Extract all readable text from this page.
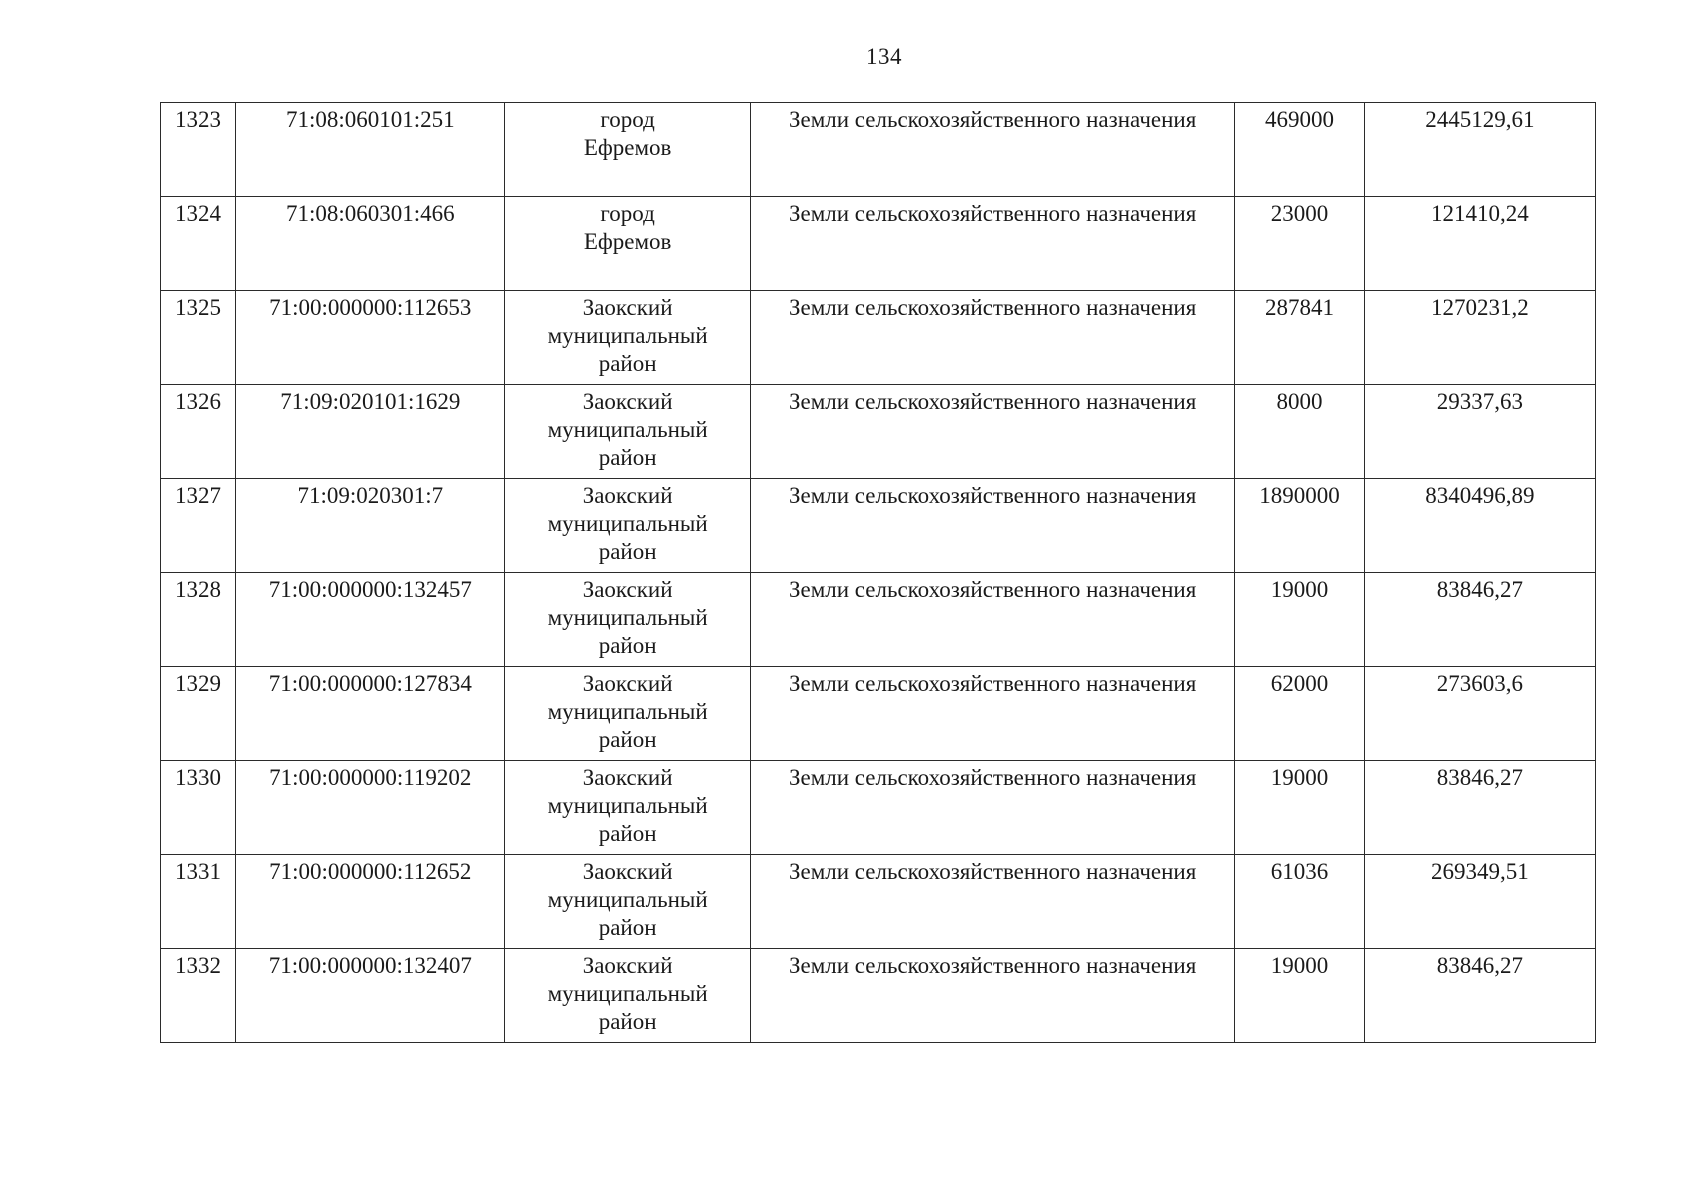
134
1323	71:08:060101:251	город Ефремов	Земли сельскохозяйственного назначения	469000	2445129,61
1324	71:08:060301:466	город Ефремов	Земли сельскохозяйственного назначения	23000	121410,24
1325	71:00:000000:112653	Заокский муниципальный район	Земли сельскохозяйственного назначения	287841	1270231,2
1326	71:09:020101:1629	Заокский муниципальный район	Земли сельскохозяйственного назначения	8000	29337,63
1327	71:09:020301:7	Заокский муниципальный район	Земли сельскохозяйственного назначения	1890000	8340496,89
1328	71:00:000000:132457	Заокский муниципальный район	Земли сельскохозяйственного назначения	19000	83846,27
1329	71:00:000000:127834	Заокский муниципальный район	Земли сельскохозяйственного назначения	62000	273603,6
1330	71:00:000000:119202	Заокский муниципальный район	Земли сельскохозяйственного назначения	19000	83846,27
1331	71:00:000000:112652	Заокский муниципальный район	Земли сельскохозяйственного назначения	61036	269349,51
1332	71:00:000000:132407	Заокский муниципальный район	Земли сельскохозяйственного назначения	19000	83846,27
